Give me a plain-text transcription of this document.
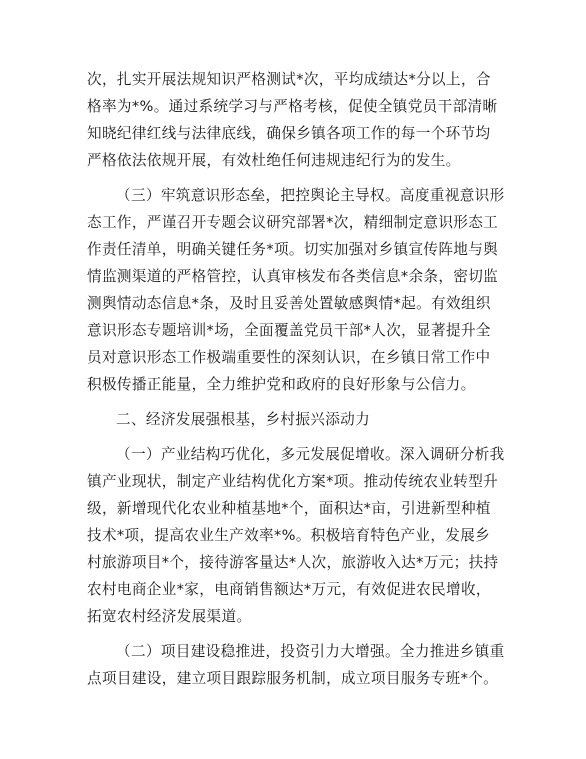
次，扎实开展法规知识严格测试*次，平均成绩达*分以上，合格率为*%。通过系统学习与严格考核，促使全镇党员干部清晰知晓纪律红线与法律底线，确保乡镇各项工作的每一个环节均严格依法依规开展，有效杜绝任何违规违纪行为的发生。

（三）牢筑意识形态垒，把控舆论主导权。高度重视意识形态工作，严谨召开专题会议研究部署*次，精细制定意识形态工作责任清单，明确关键任务*项。切实加强对乡镇宣传阵地与舆情监测渠道的严格管控，认真审核发布各类信息*余条，密切监测舆情动态信息*条，及时且妥善处置敏感舆情*起。有效组织意识形态专题培训*场，全面覆盖党员干部*人次，显著提升全员对意识形态工作极端重要性的深刻认识，在乡镇日常工作中积极传播正能量，全力维护党和政府的良好形象与公信力。

二、经济发展强根基，乡村振兴添动力

（一）产业结构巧优化，多元发展促增收。深入调研分析我镇产业现状，制定产业结构优化方案*项。推动传统农业转型升级，新增现代化农业种植基地*个，面积达*亩，引进新型种植技术*项，提高农业生产效率*%。积极培育特色产业，发展乡村旅游项目*个，接待游客量达*人次，旅游收入达*万元；扶持农村电商企业*家，电商销售额达*万元，有效促进农民增收，拓宽农村经济发展渠道。

（二）项目建设稳推进，投资引力大增强。全力推进乡镇重点项目建设，建立项目跟踪服务机制，成立项目服务专班*个。
